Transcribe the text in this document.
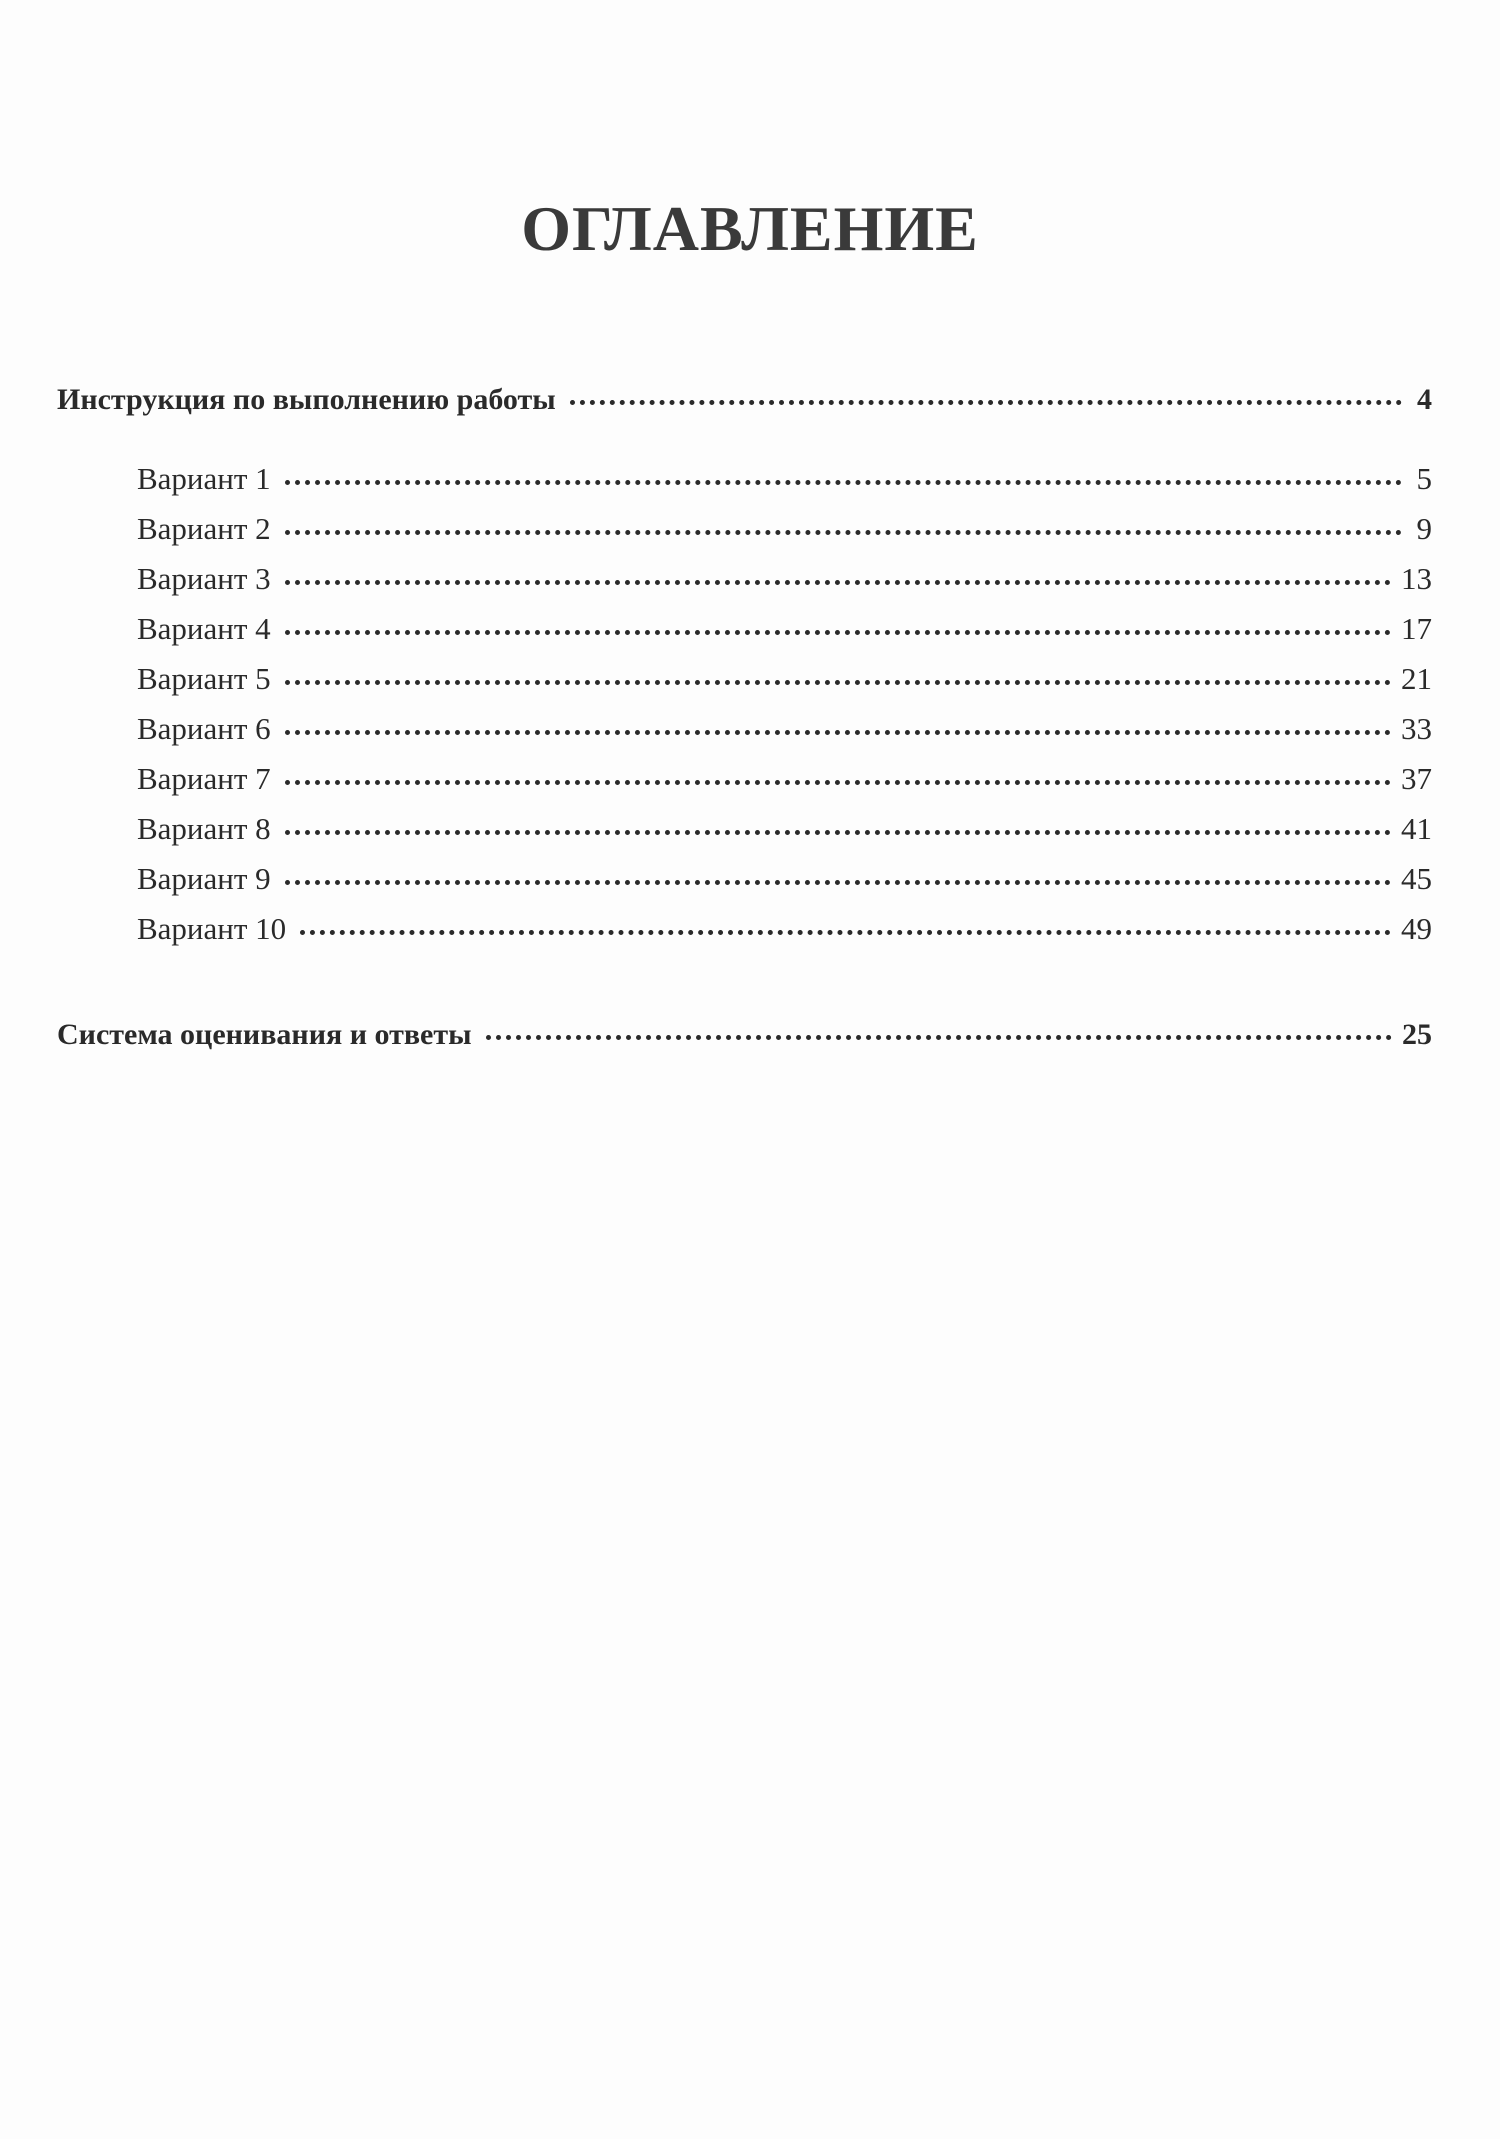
ОГЛАВЛЕНИЕ
Инструкция по выполнению работы	4
Вариант 1	5
Вариант 2	9
Вариант 3	13
Вариант 4	17
Вариант 5	21
Вариант 6	33
Вариант 7	37
Вариант 8	41
Вариант 9	45
Вариант 10	49
Система оценивания и ответы	25
